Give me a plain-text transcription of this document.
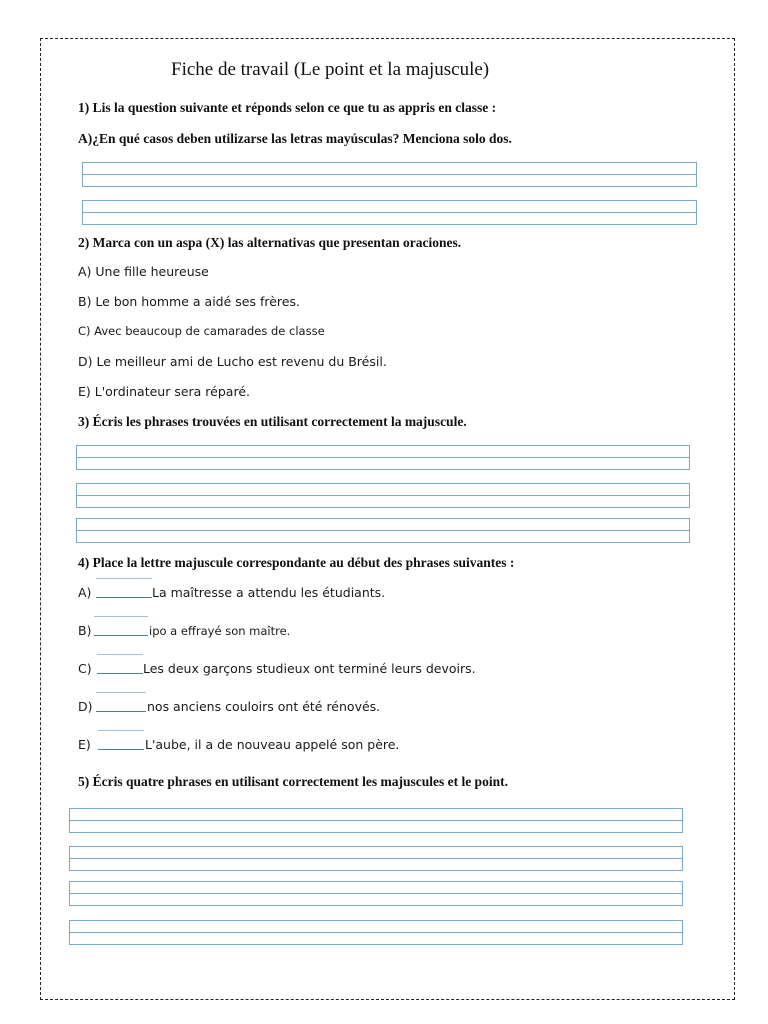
Fiche de travail (Le point et la majuscule)
1) Lis la question suivante et réponds selon ce que tu as appris en classe :
A)¿En qué casos deben utilizarse las letras mayúsculas? Menciona solo dos.
2) Marca con un aspa (X) las alternativas que presentan oraciones.
A) Une fille heureuse
B) Le bon homme a aidé ses frères.
C) Avec beaucoup de camarades de classe
D) Le meilleur ami de Lucho est revenu du Brésil.
E) L'ordinateur sera réparé.
3) Écris les phrases trouvées en utilisant correctement la majuscule.
4) Place la lettre majuscule correspondante au début des phrases suivantes :
A)	La maîtresse a attendu les étudiants.
B)	ipo a effrayé son maître.
C)	Les deux garçons studieux ont terminé leurs devoirs.
D)	nos anciens couloirs ont été rénovés.
E)	L'aube, il a de nouveau appelé son père.
5) Écris quatre phrases en utilisant correctement les majuscules et le point.
